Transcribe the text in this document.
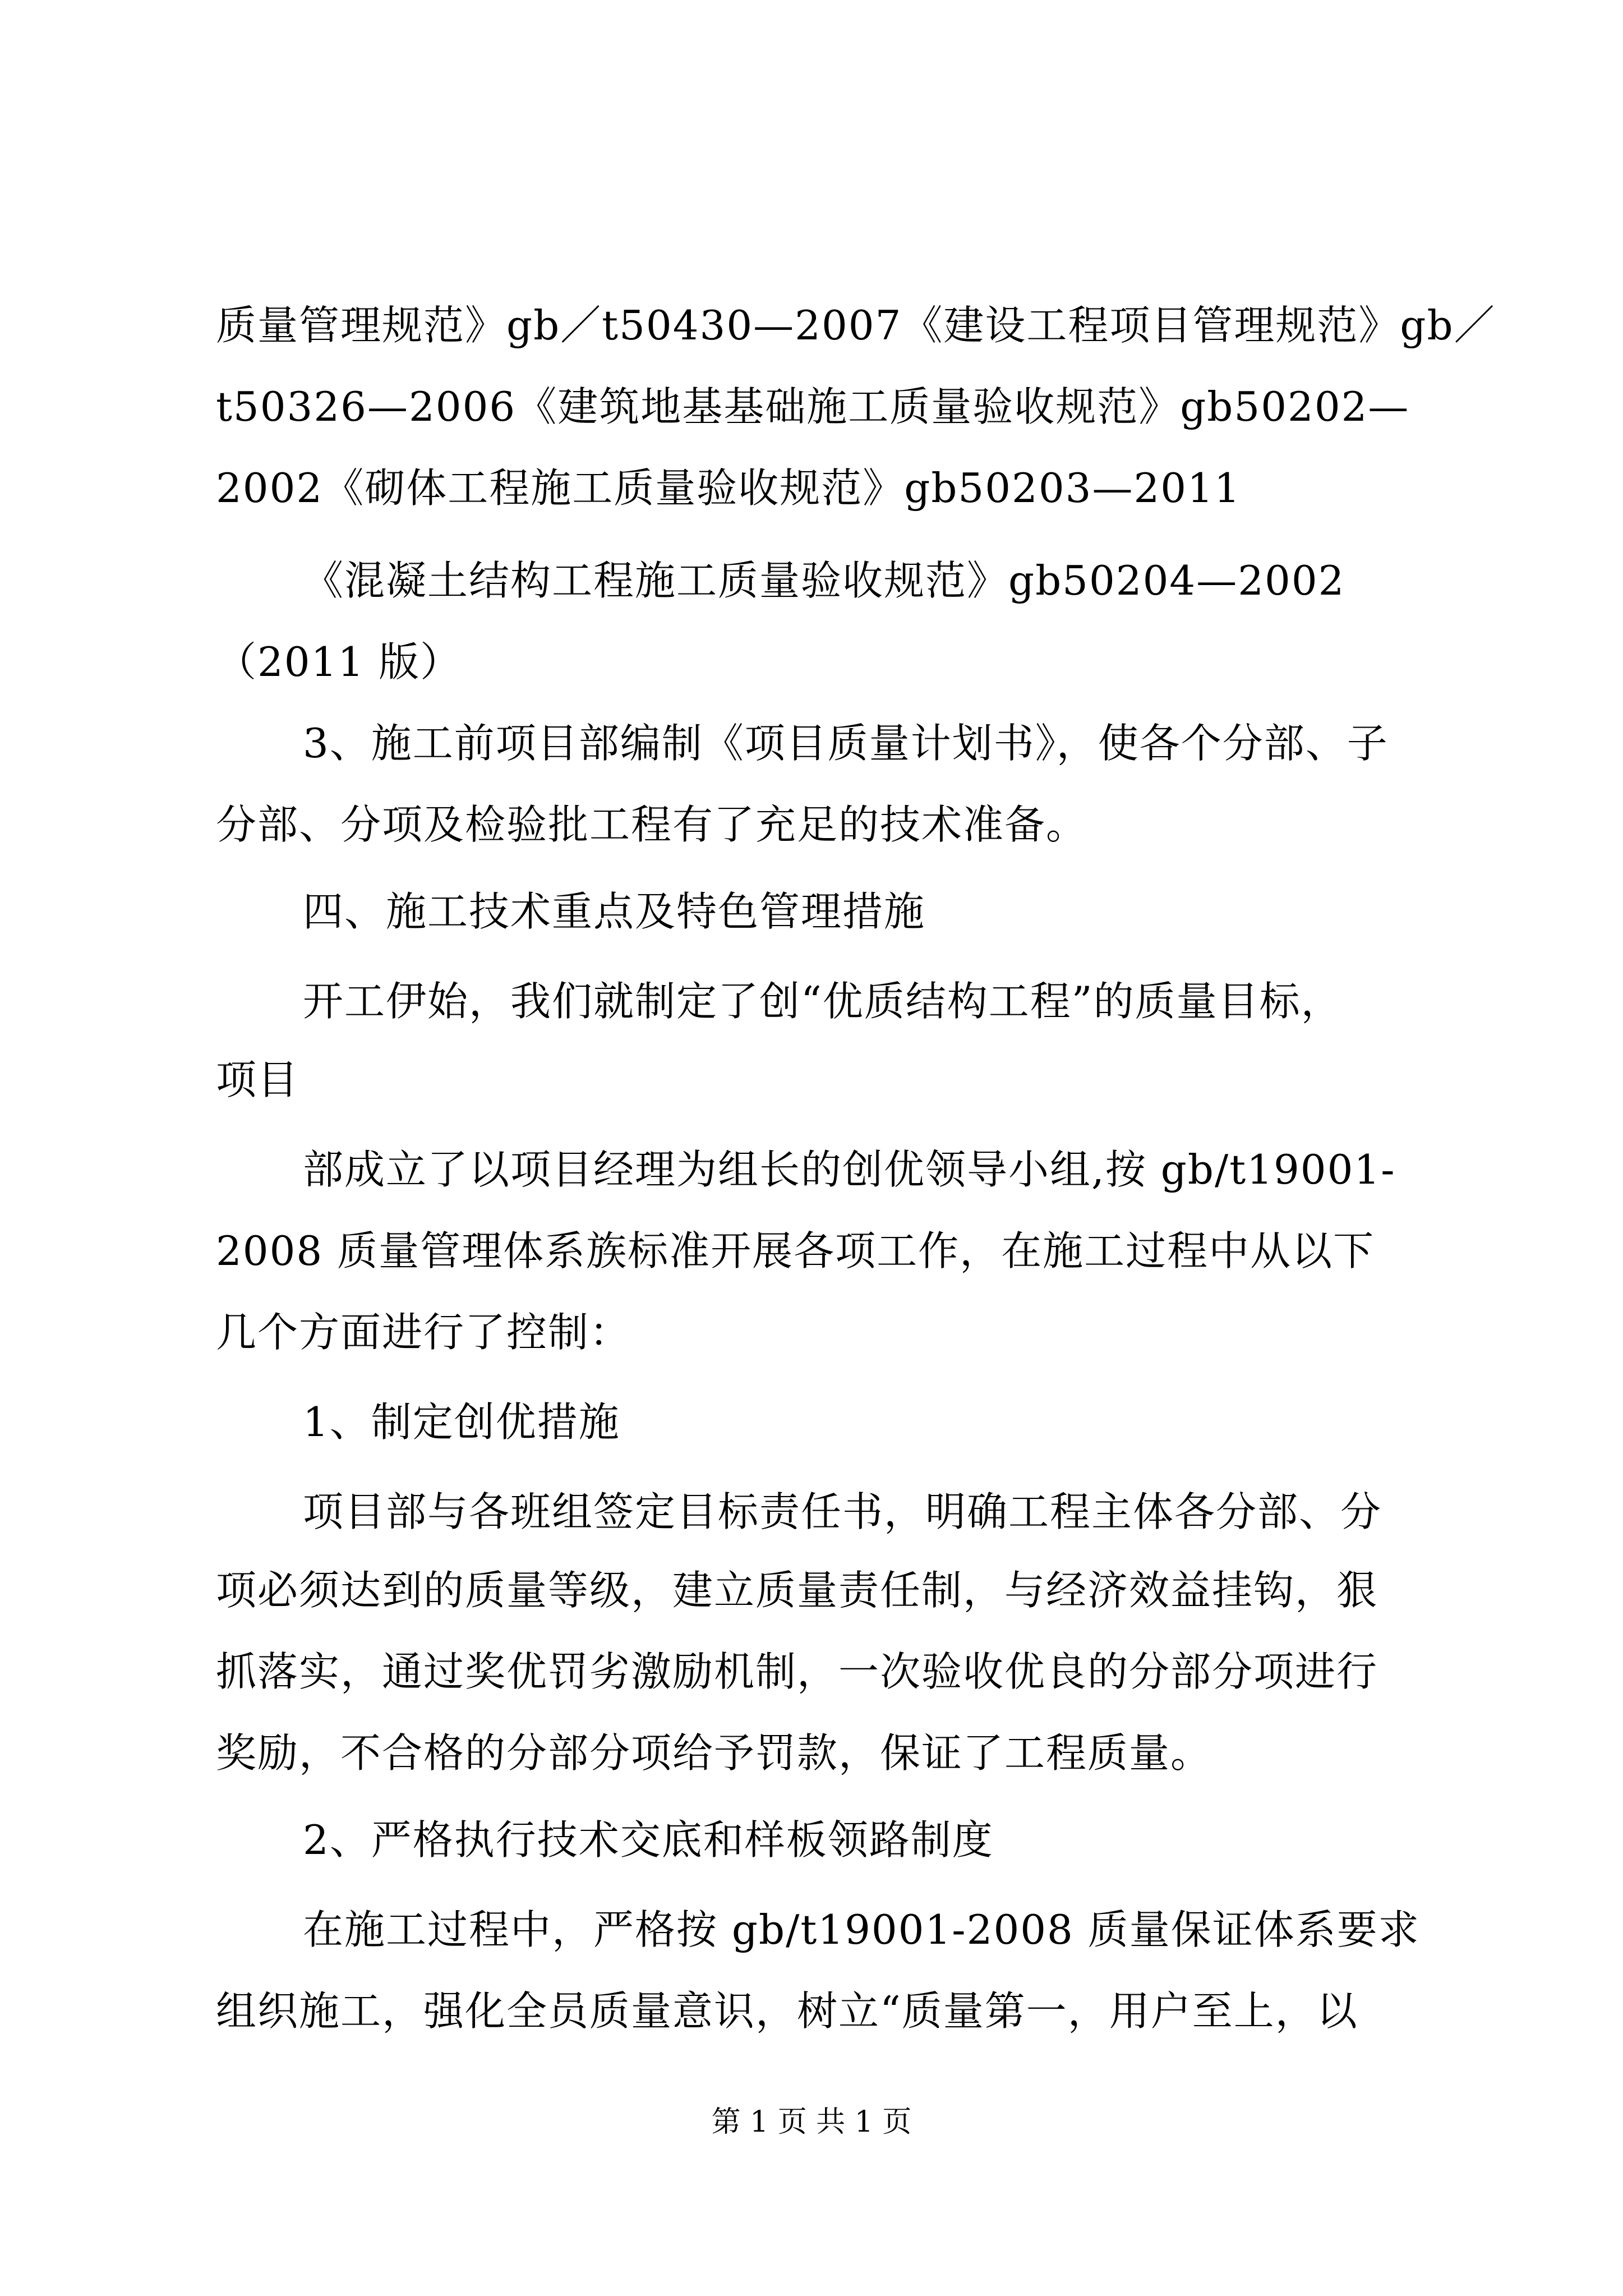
质量管理规范》gb／t50430—2007《建设工程项目管理规范》gb／
t50326—2006《建筑地基基础施工质量验收规范》gb50202—
2002《砌体工程施工质量验收规范》gb50203—2011
《混凝土结构工程施工质量验收规范》gb50204—2002
（2011 版）
3、施工前项目部编制《项目质量计划书》，使各个分部、子
分部、分项及检验批工程有了充足的技术准备。
四、施工技术重点及特色管理措施
开工伊始，我们就制定了创“优质结构工程”的质量目标，
项目
部成立了以项目经理为组长的创优领导小组,按 gb/t19001-
2008 质量管理体系族标准开展各项工作，在施工过程中从以下
几个方面进行了控制：
1、制定创优措施
项目部与各班组签定目标责任书，明确工程主体各分部、分
项必须达到的质量等级，建立质量责任制，与经济效益挂钩，狠
抓落实，通过奖优罚劣激励机制，一次验收优良的分部分项进行
奖励，不合格的分部分项给予罚款，保证了工程质量。
2、严格执行技术交底和样板领路制度
在施工过程中，严格按 gb/t19001-2008 质量保证体系要求
组织施工，强化全员质量意识，树立“质量第一，用户至上，以
第 1 页 共 1 页
